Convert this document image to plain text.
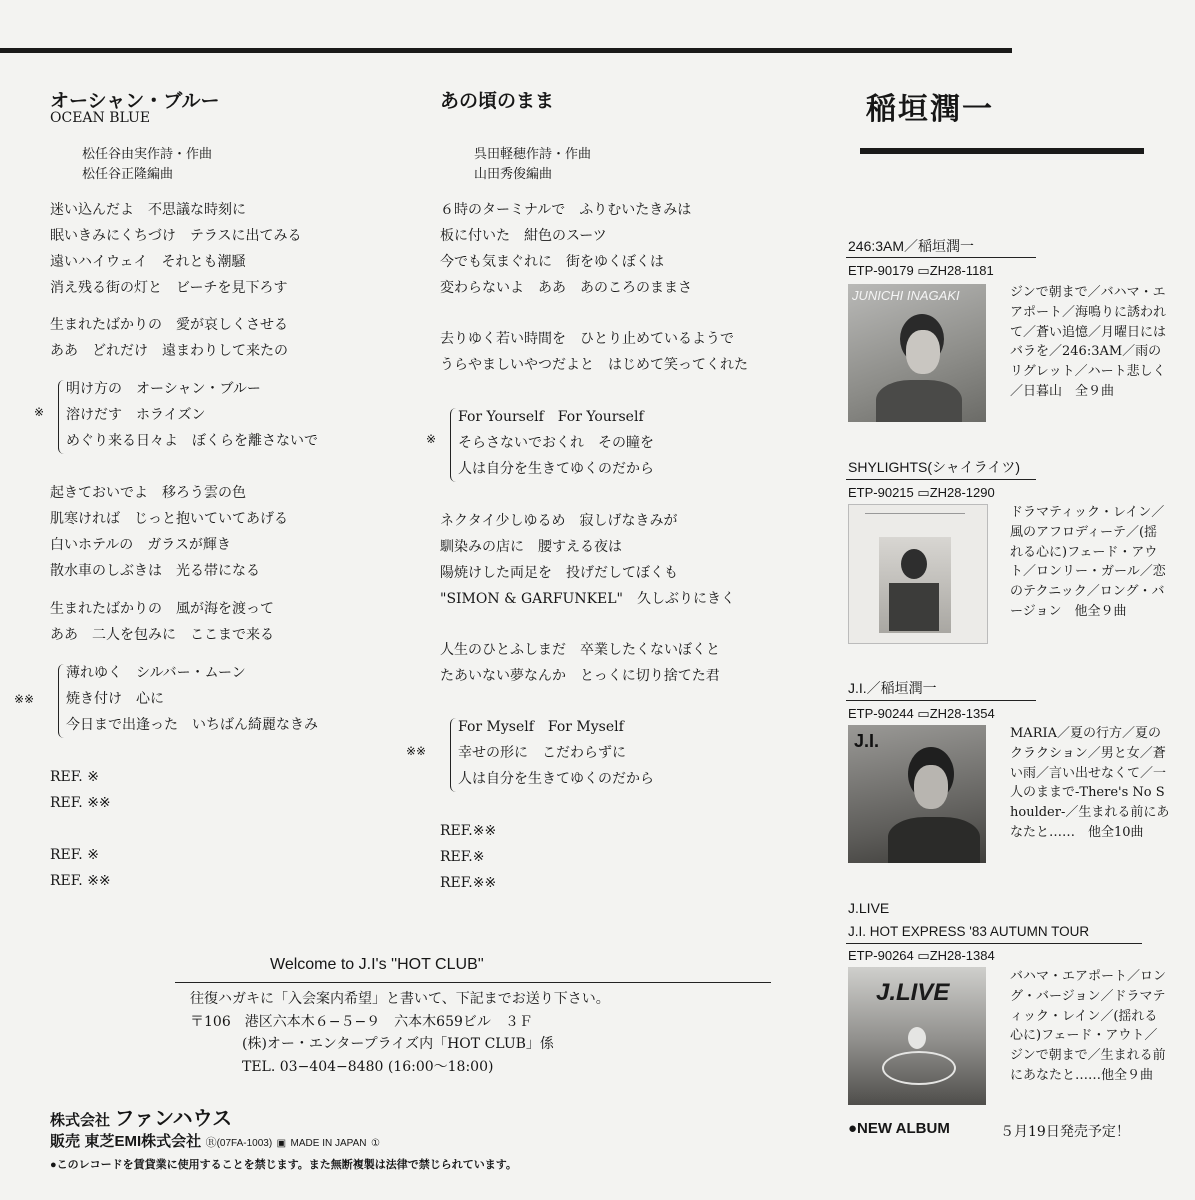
オーシャン・ブルー
OCEAN BLUE
松任谷由実作詩・作曲
松任谷正隆編曲
迷い込んだよ　不思議な時刻に
眠いきみにくちづけ　テラスに出てみる
遠いハイウェイ　それとも潮騒
消え残る街の灯と　ビーチを見下ろす
生まれたばかりの　愛が哀しくさせる
ああ　どれだけ　遠まわりして来たの
※
明け方の　オーシャン・ブルー
溶けだす　ホライズン
めぐり来る日々よ　ぼくらを離さないで
起きておいでよ　移ろう雲の色
肌寒ければ　じっと抱いていてあげる
白いホテルの　ガラスが輝き
散水車のしぶきは　光る帯になる
生まれたばかりの　風が海を渡って
ああ　二人を包みに　ここまで来る
※※
薄れゆく　シルバー・ムーン
焼き付け　心に
今日まで出逢った　いちばん綺麗なきみ
REF. ※
REF. ※※
REF. ※
REF. ※※
あの頃のまま
呉田軽穂作詩・作曲
山田秀俊編曲
６時のターミナルで　ふりむいたきみは
板に付いた　紺色のスーツ
今でも気まぐれに　街をゆくぼくは
変わらないよ　ああ　あのころのままさ
去りゆく若い時間を　ひとり止めているようで
うらやましいやつだよと　はじめて笑ってくれた
※
For Yourself　For Yourself
そらさないでおくれ　その瞳を
人は自分を生きてゆくのだから
ネクタイ少しゆるめ　寂しげなきみが
馴染みの店に　腰すえる夜は
陽焼けした両足を　投げだしてぼくも
"SIMON & GARFUNKEL"　久しぶりにきく
人生のひとふしまだ　卒業したくないぼくと
たあいない夢なんか　とっくに切り捨てた君
※※
For Myself　For Myself
幸せの形に　こだわらずに
人は自分を生きてゆくのだから
REF.※※
REF.※
REF.※※
Welcome to J.I's ''HOT CLUB''
往復ハガキに「入会案内希望」と書いて、下記までお送り下さい。
〒106　港区六本木６−５−９　六本木659ビル　３Ｆ
(株)オー・エンタープライズ内「HOT CLUB」係
TEL. 03−404−8480 (16:00〜18:00)
稲垣潤一
246:3AM／稲垣潤一
ETP-90179 ▭ZH28-1181
JUNICHI INAGAKI	ジンで朝まで／バハマ・エアポート／海鳴りに誘われて／蒼い追憶／月曜日にはバラを／246:3AM／雨のリグレット／ハート悲しく／日暮山　全９曲
SHYLIGHTS(シャイライツ)
ETP-90215 ▭ZH28-1290
ドラマティック・レイン／風のアフロディーテ／(揺れる心に)フェード・アウト／ロンリー・ガール／恋のテクニック／ロング・バージョン　他全９曲
J.I.／稲垣潤一
ETP-90244 ▭ZH28-1354
J.I.	MARIA／夏の行方／夏のクラクション／男と女／蒼い雨／言い出せなくて／一人のままで-There's No Shoulder-／生まれる前にあなたと……　他全10曲
J.LIVE
J.I. HOT EXPRESS '83 AUTUMN TOUR
ETP-90264 ▭ZH28-1384
J.LIVE
バハマ・エアポート／ロング・バージョン／ドラマティック・レイン／(揺れる心に)フェード・アウト／ジンで朝まで／生まれる前にあなたと……他全９曲
●NEW ALBUM	５月19日発売予定！
株式会社 ファンハウス
販売 東芝EMI株式会社 Ⓡ(07FA-1003) ▣ MADE IN JAPAN ①
●このレコードを賃貸業に使用することを禁じます。また無断複製は法律で禁じられています。
